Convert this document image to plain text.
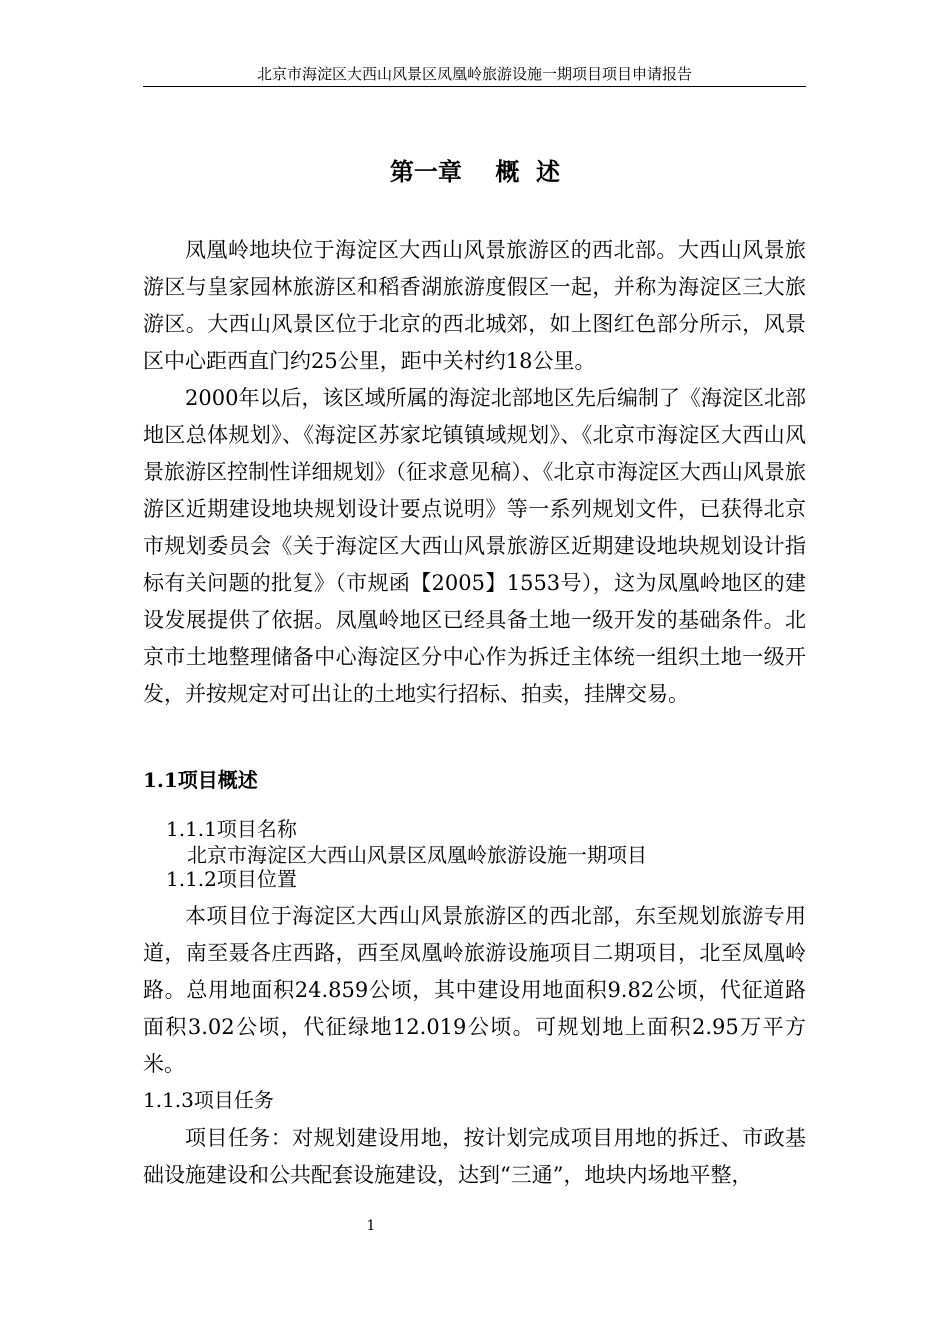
北京市海淀区大西山风景区凤凰岭旅游设施一期项目项目申请报告
第一章    概  述

凤凰岭地块位于海淀区大西山风景旅游区的西北部。大西山风景旅游区与皇家园林旅游区和稻香湖旅游度假区一起，并称为海淀区三大旅游区。大西山风景区位于北京的西北城郊，如上图红色部分所示，风景区中心距西直门约25公里，距中关村约18公里。

2000年以后，该区域所属的海淀北部地区先后编制了《海淀区北部地区总体规划》、《海淀区苏家坨镇镇域规划》、《北京市海淀区大西山风景旅游区控制性详细规划》（征求意见稿）、《北京市海淀区大西山风景旅游区近期建设地块规划设计要点说明》等一系列规划文件，已获得北京市规划委员会《关于海淀区大西山风景旅游区近期建设地块规划设计指标有关问题的批复》（市规函【2005】1553号），这为凤凰岭地区的建设发展提供了依据。凤凰岭地区已经具备土地一级开发的基础条件。北京市土地整理储备中心海淀区分中心作为拆迁主体统一组织土地一级开发，并按规定对可出让的土地实行招标、拍卖，挂牌交易。

1.1项目概述
1.1.1项目名称
北京市海淀区大西山风景区凤凰岭旅游设施一期项目
1.1.2项目位置

本项目位于海淀区大西山风景旅游区的西北部，东至规划旅游专用道，南至聂各庄西路，西至凤凰岭旅游设施项目二期项目，北至凤凰岭路。总用地面积24.859公顷，其中建设用地面积9.82公顷，代征道路面积3.02公顷，代征绿地12.019公顷。可规划地上面积2.95万平方米。

1.1.3项目任务

项目任务：对规划建设用地，按计划完成项目用地的拆迁、市政基础设施建设和公共配套设施建设，达到“三通”，地块内场地平整，

1
